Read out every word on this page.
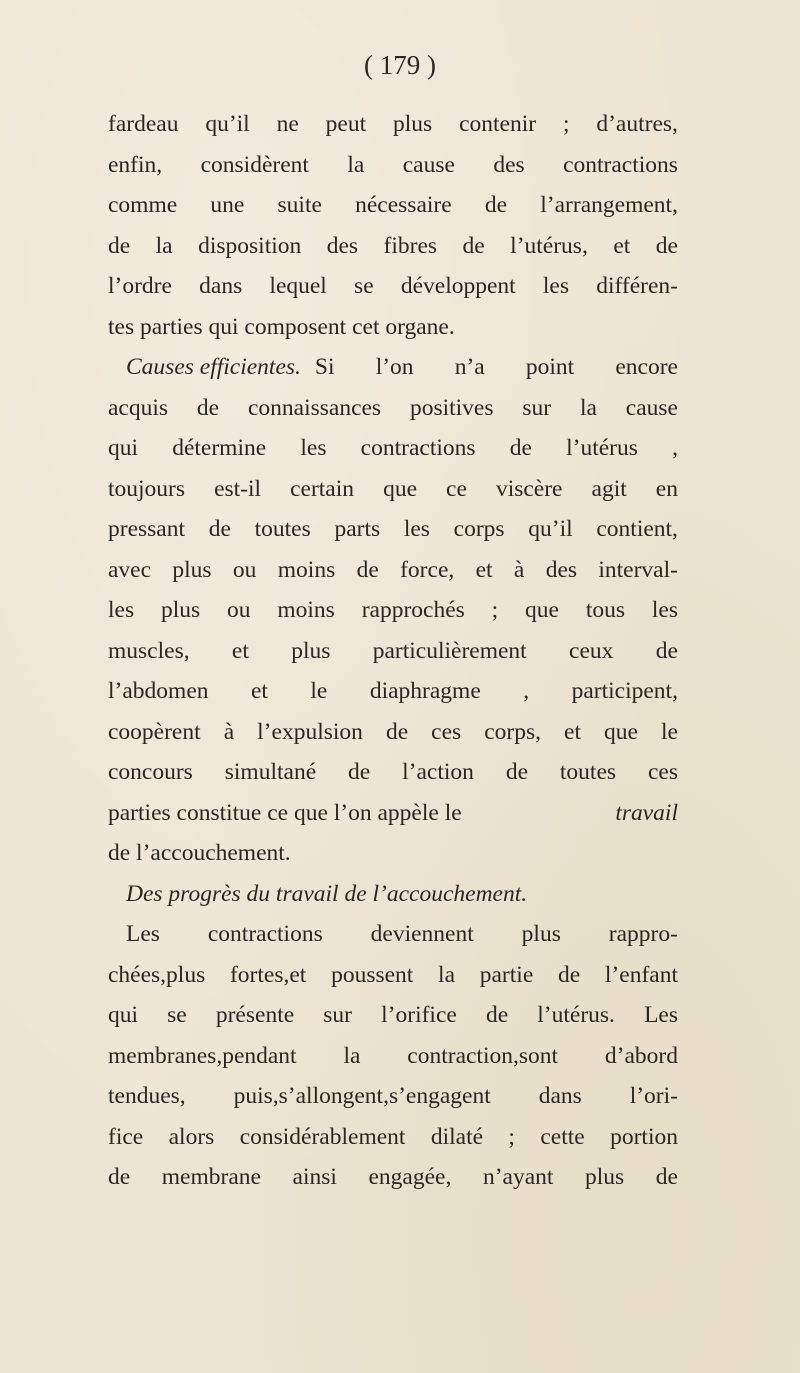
( 179 )
fardeau qu’il ne peut plus contenir ; d’autres,
enfin, considèrent la cause des contractions
comme une suite nécessaire de l’arrangement,
de la disposition des fibres de l’utérus, et de
l’ordre dans lequel se développent les différen-
tes parties qui composent cet organe.
Causes efficientes. Si l’on n’a point encore
acquis de connaissances positives sur la cause
qui détermine les contractions de l’utérus ,
toujours est-il certain que ce viscère agit en
pressant de toutes parts les corps qu’il contient,
avec plus ou moins de force, et à des interval-
les plus ou moins rapprochés ; que tous les
muscles, et plus particulièrement ceux de
l’abdomen et le diaphragme , participent,
coopèrent à l’expulsion de ces corps, et que le
concours simultané de l’action de toutes ces
parties constitue ce que l’on appèle le	travail
de l’accouchement.
Des progrès du travail de l’accouchement.
Les contractions deviennent plus rappro-
chées,plus fortes,et poussent la partie de l’enfant
qui se présente sur l’orifice de l’utérus. Les
membranes,pendant la contraction,sont d’abord
tendues, puis,s’allongent,s’engagent dans l’ori-
fice alors considérablement dilaté ; cette portion
de membrane ainsi engagée, n’ayant plus de
